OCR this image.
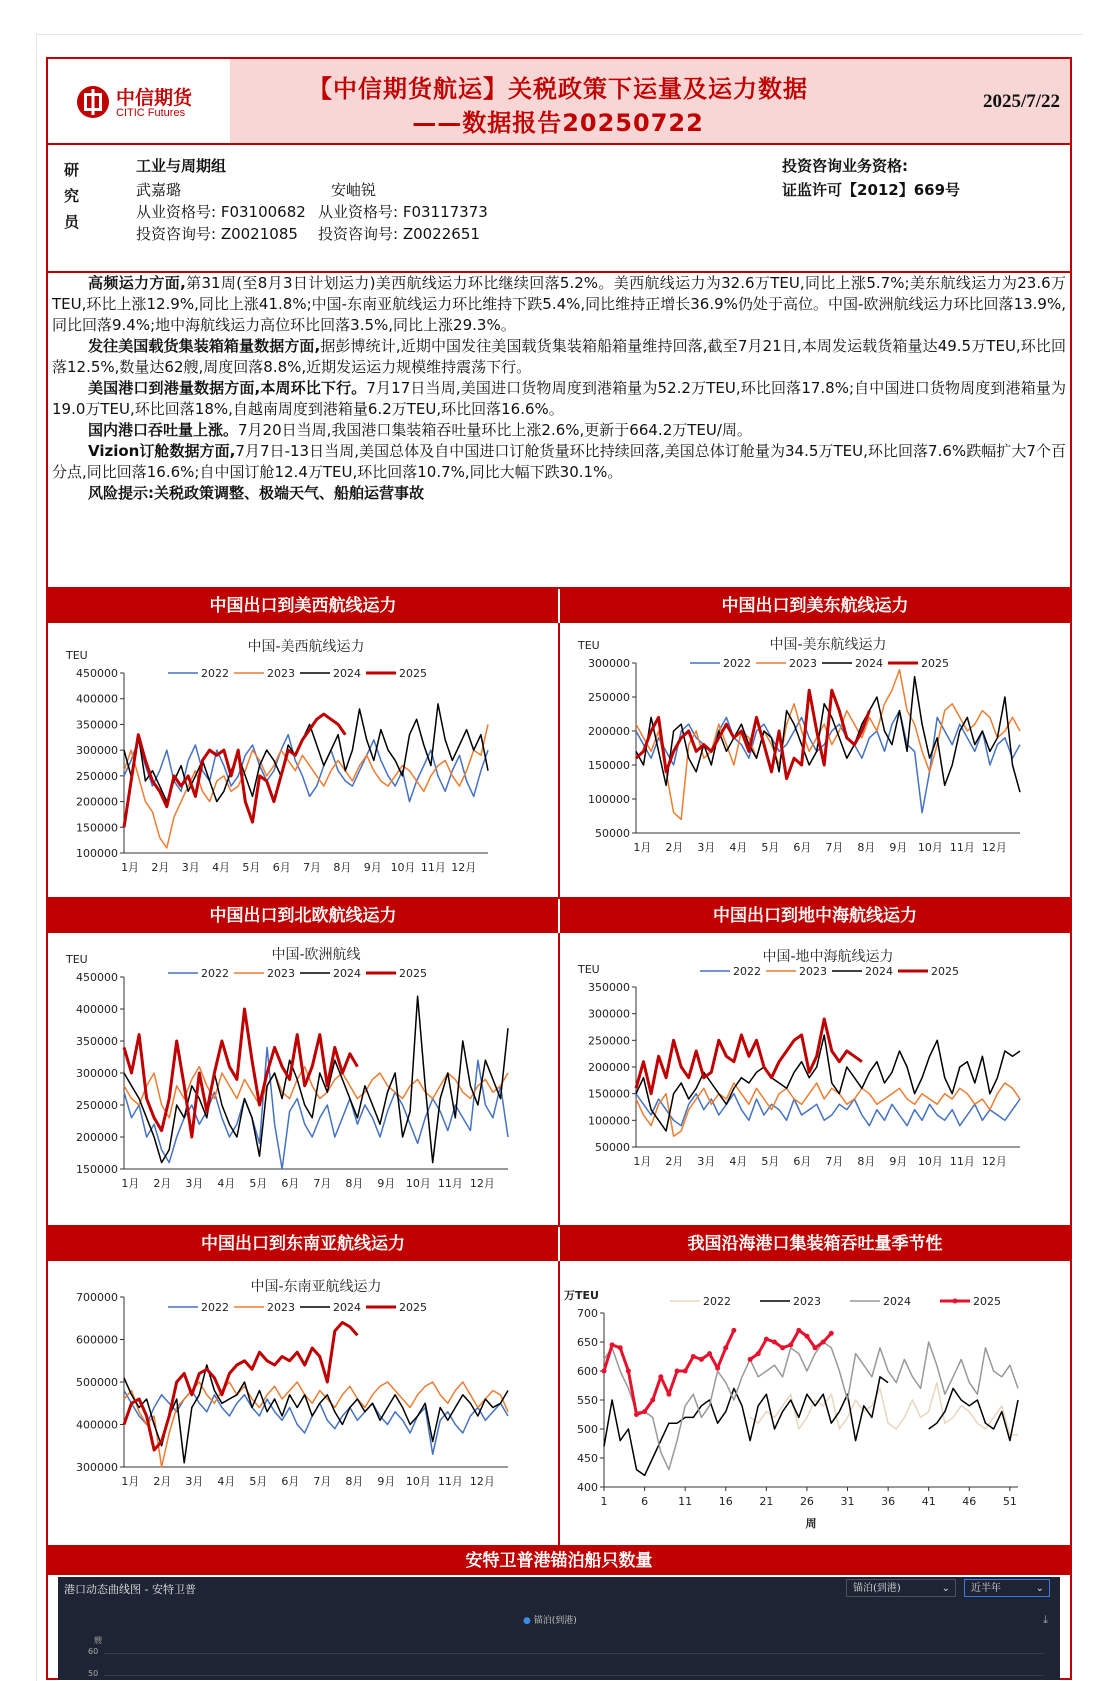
中信期货
CITIC Futures
【中信期货航运】关税政策下运量及运力数据
——数据报告20250722
2025/7/22
研
究
员
工业与周期组
武嘉璐
从业资格号: F03100682
投资咨询号: Z0021085
安岫锐
从业资格号: F03117373
投资咨询号: Z0022651
投资咨询业务资格:
证监许可【2012】669号

高频运力方面,第31周(至8月3日计划运力)美西航线运力环比继续回落5.2%。美西航线运力为32.6万TEU,同比上涨5.7%;美东航线运力为23.6万TEU,环比上涨12.9%,同比上涨41.8%;中国-东南亚航线运力环比维持下跌5.4%,同比维持正增长36.9%仍处于高位。中国-欧洲航线运力环比回落13.9%,同比回落9.4%;地中海航线运力高位环比回落3.5%,同比上涨29.3%。

发往美国载货集装箱箱量数据方面,据彭博统计,近期中国发往美国载货集装箱船箱量维持回落,截至7月21日,本周发运载货箱量达49.5万TEU,环比回落12.5%,数量达62艘,周度回落8.8%,近期发运运力规模维持震荡下行。

美国港口到港量数据方面,本周环比下行。7月17日当周,美国进口货物周度到港箱量为52.2万TEU,环比回落17.8%;自中国进口货物周度到港箱量为19.0万TEU,环比回落18%,自越南周度到港箱量6.2万TEU,环比回落16.6%。

国内港口吞吐量上涨。7月20日当周,我国港口集装箱吞吐量环比上涨2.6%,更新于664.2万TEU/周。

Vizion订舱数据方面,7月7日-13日当周,美国总体及自中国进口订舱货量环比持续回落,美国总体订舱量为34.5万TEU,环比回落7.6%跌幅扩大7个百分点,同比回落16.6%;自中国订舱12.4万TEU,环比回落10.7%,同比大幅下跌30.1%。

风险提示:关税政策调整、极端天气、船舶运营事故

中国出口到美西航线运力	中国出口到美东航线运力
中国出口到北欧航线运力	中国出口到地中海航线运力
中国出口到东南亚航线运力	我国沿海港口集装箱吞吐量季节性
安特卫普港锚泊船只数量
中国-美西航线运力
TEU
100000
150000
200000
250000
300000
350000
400000
450000
1月 2月 3月 4月 5月 6月 7月 8月 9月 10月 11月 12月
2022	2023	2024	2025
中国-美东航线运力
TEU
50000
100000
150000
200000
250000
300000
1月 2月 3月 4月 5月 6月 7月 8月 9月 10月 11月 12月
2022	2023	2024	2025
中国-欧洲航线
TEU
150000
200000
250000
300000
350000
400000
450000
1月 2月 3月 4月 5月 6月 7月 8月 9月 10月 11月 12月
2022	2023	2024	2025
中国-地中海航线运力
TEU
50000
100000
150000
200000
250000
300000
350000
1月 2月 3月 4月 5月 6月 7月 8月 9月 10月 11月 12月
2022	2023	2024	2025
中国-东南亚航线运力
300000
400000
500000
600000
700000
1月 2月 3月 4月 5月 6月 7月 8月 9月 10月 11月 12月
2022	2023	2024	2025
万TEU
400
450
500
550
600
650
700
1	6	11 16 21 26 31 36 41 46 51
周
2022	2023	2024	2025
港口动态曲线图 - 安特卫普	锚泊(到港)	⌄	近半年	⌄
● 锚泊(到港)
艘
60
50
⤓
